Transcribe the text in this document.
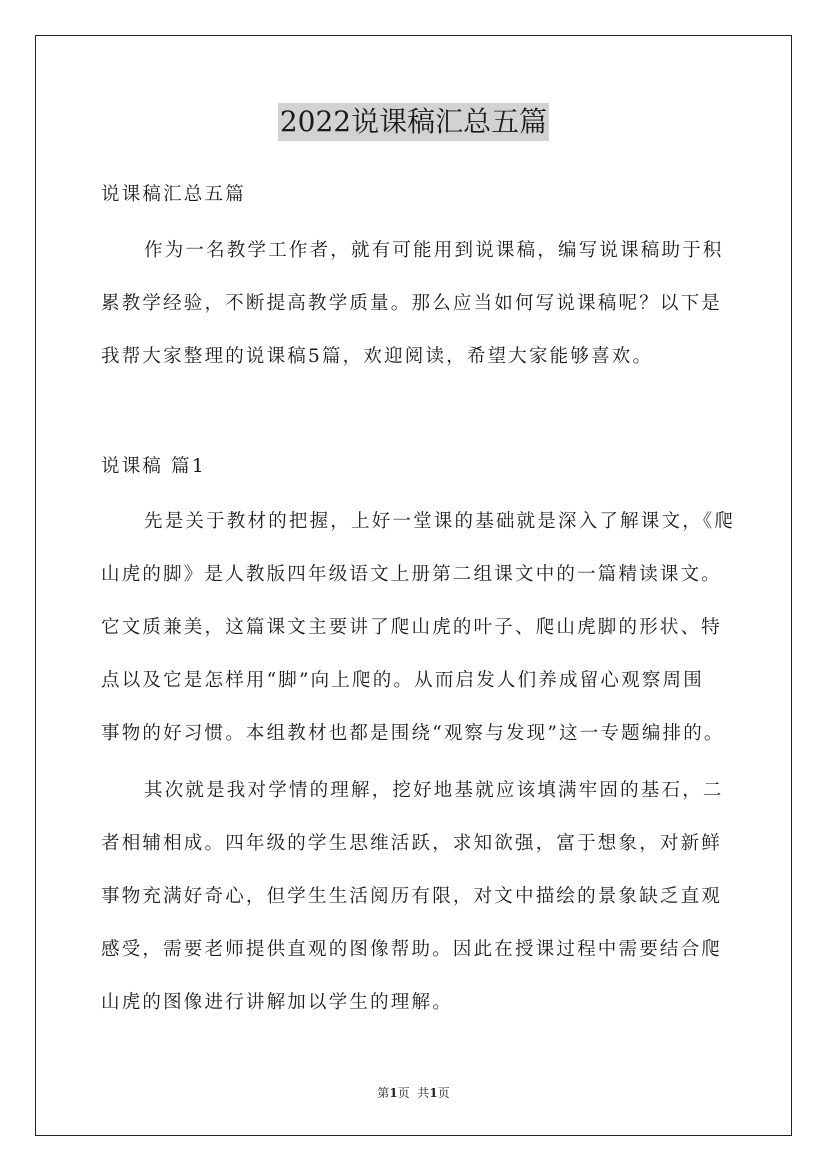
2022说课稿汇总五篇
说课稿汇总五篇
作为一名教学工作者，就有可能用到说课稿，编写说课稿助于积
累教学经验，不断提高教学质量。那么应当如何写说课稿呢？以下是
我帮大家整理的说课稿5篇，欢迎阅读，希望大家能够喜欢。
说课稿 篇1
先是关于教材的把握，上好一堂课的基础就是深入了解课文，《爬
山虎的脚》是人教版四年级语文上册第二组课文中的一篇精读课文。
它文质兼美，这篇课文主要讲了爬山虎的叶子、爬山虎脚的形状、特
点以及它是怎样用“脚”向上爬的。从而启发人们养成留心观察周围
事物的好习惯。本组教材也都是围绕“观察与发现”这一专题编排的。
其次就是我对学情的理解，挖好地基就应该填满牢固的基石，二
者相辅相成。四年级的学生思维活跃，求知欲强，富于想象，对新鲜
事物充满好奇心，但学生生活阅历有限，对文中描绘的景象缺乏直观
感受，需要老师提供直观的图像帮助。因此在授课过程中需要结合爬
山虎的图像进行讲解加以学生的理解。
第1页  共1页
